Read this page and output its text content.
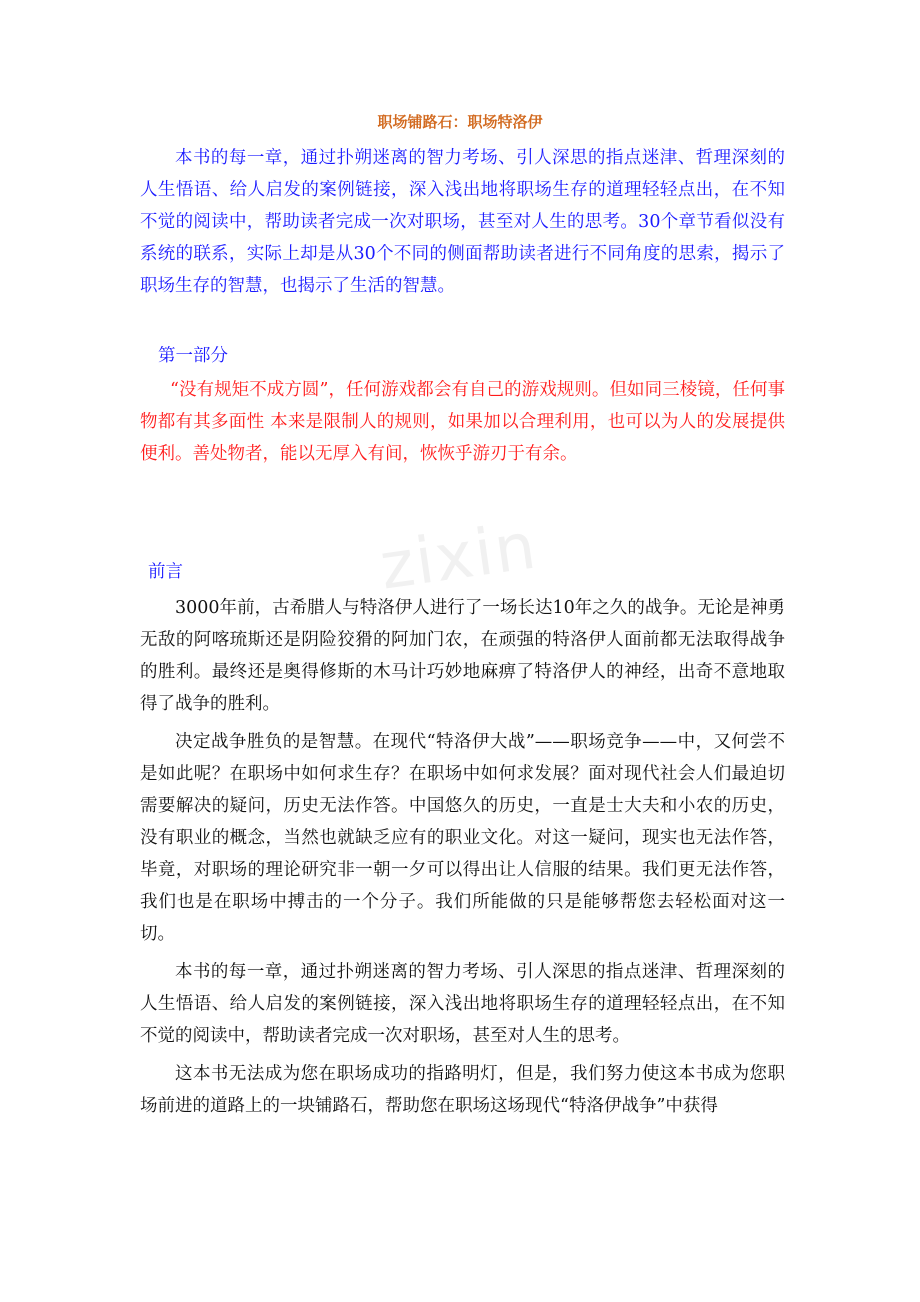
zixin
职场铺路石：职场特洛伊
本书的每一章，通过扑朔迷离的智力考场、引人深思的指点迷津、哲理深刻的人生悟语、给人启发的案例链接，深入浅出地将职场生存的道理轻轻点出，在不知不觉的阅读中，帮助读者完成一次对职场，甚至对人生的思考。30个章节看似没有系统的联系，实际上却是从30个不同的侧面帮助读者进行不同角度的思索，揭示了职场生存的智慧，也揭示了生活的智慧。
第一部分
“没有规矩不成方圆”，任何游戏都会有自己的游戏规则。但如同三棱镜，任何事物都有其多面性 本来是限制人的规则，如果加以合理利用，也可以为人的发展提供便利。善处物者，能以无厚入有间，恢恢乎游刃于有余。
前言

3000年前，古希腊人与特洛伊人进行了一场长达10年之久的战争。无论是神勇无敌的阿喀琉斯还是阴险狡猾的阿加门农，在顽强的特洛伊人面前都无法取得战争的胜利。最终还是奥得修斯的木马计巧妙地麻痹了特洛伊人的神经，出奇不意地取得了战争的胜利。

决定战争胜负的是智慧。在现代“特洛伊大战”——职场竞争——中，又何尝不是如此呢？在职场中如何求生存？在职场中如何求发展？面对现代社会人们最迫切需要解决的疑问，历史无法作答。中国悠久的历史，一直是士大夫和小农的历史，没有职业的概念，当然也就缺乏应有的职业文化。对这一疑问，现实也无法作答，毕竟，对职场的理论研究非一朝一夕可以得出让人信服的结果。我们更无法作答，我们也是在职场中搏击的一个分子。我们所能做的只是能够帮您去轻松面对这一切。

本书的每一章，通过扑朔迷离的智力考场、引人深思的指点迷津、哲理深刻的人生悟语、给人启发的案例链接，深入浅出地将职场生存的道理轻轻点出，在不知不觉的阅读中，帮助读者完成一次对职场，甚至对人生的思考。

这本书无法成为您在职场成功的指路明灯，但是，我们努力使这本书成为您职场前进的道路上的一块铺路石，帮助您在职场这场现代“特洛伊战争”中获得
